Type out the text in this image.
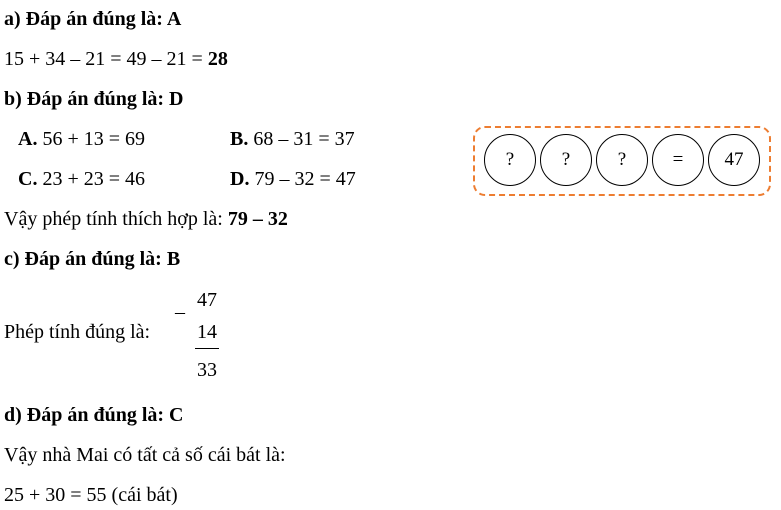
a) Đáp án đúng là: A
15 + 34 – 21 = 49 – 21 = 28
b) Đáp án đúng là: D
A. 56 + 13 = 69	B. 68 – 31 = 37
C. 23 + 23 = 46	D. 79 – 32 = 47
Vậy phép tính thích hợp là: 79 – 32
?	?	?	=	47
c) Đáp án đúng là: B
Phép tính đúng là:
–
47
14
33
d) Đáp án đúng là: C
Vậy nhà Mai có tất cả số cái bát là:
25 + 30 = 55 (cái bát)
